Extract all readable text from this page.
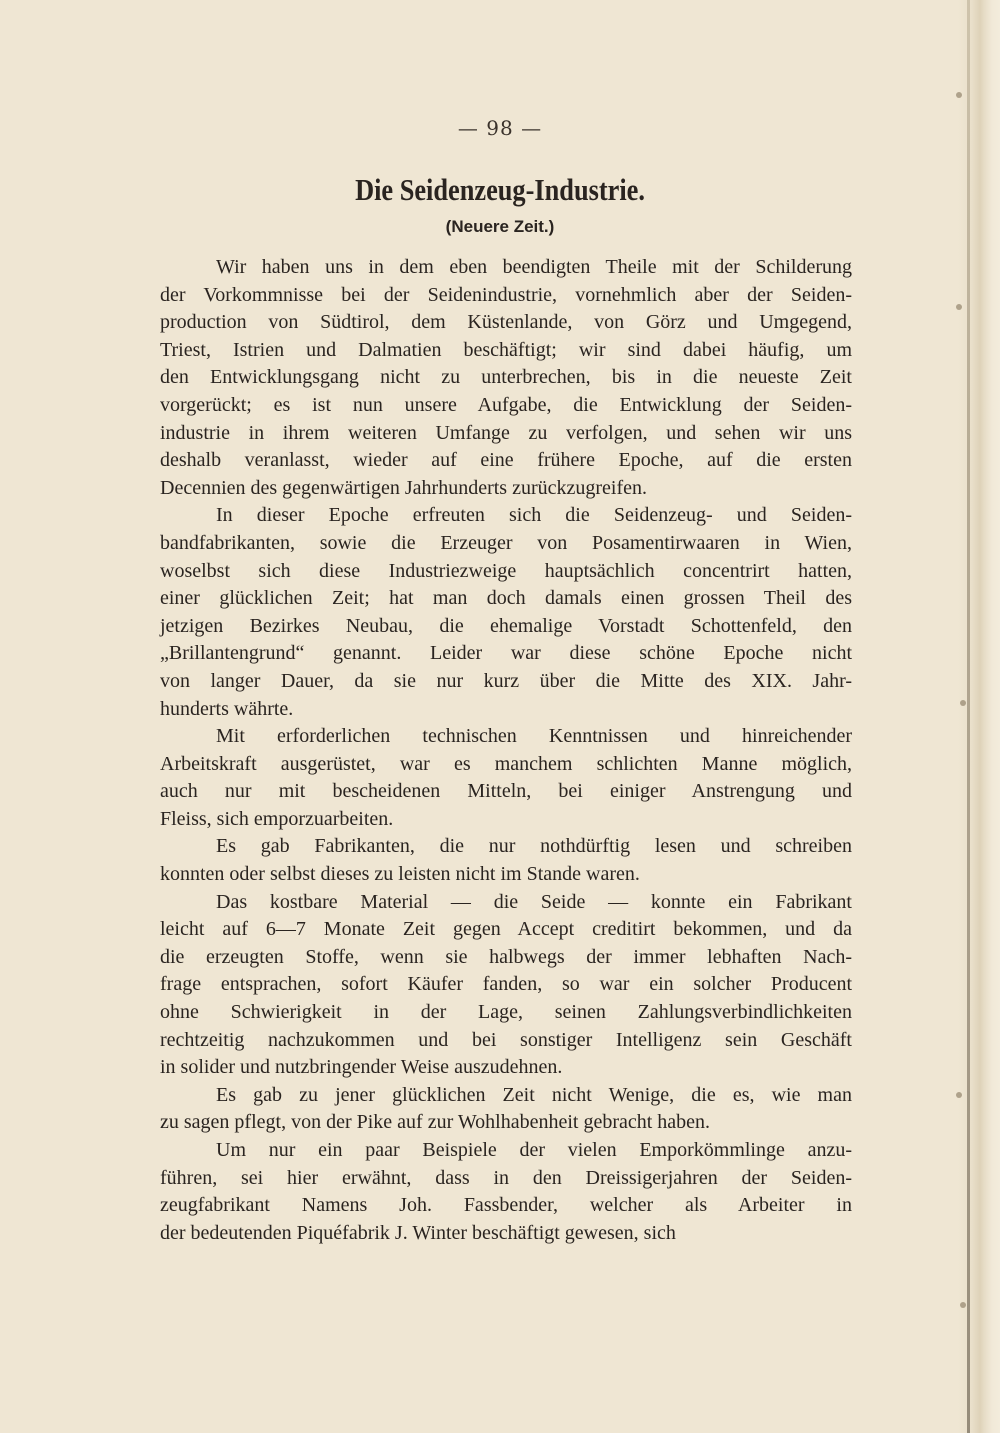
— 98 —
Die Seidenzeug-Industrie.
(Neuere Zeit.)
Wir haben uns in dem eben beendigten Theile mit der Schilderung
der Vorkommnisse bei der Seidenindustrie, vornehmlich aber der Seiden-
production von Südtirol, dem Küstenlande, von Görz und Umgegend,
Triest, Istrien und Dalmatien beschäftigt; wir sind dabei häufig, um
den Entwicklungsgang nicht zu unterbrechen, bis in die neueste Zeit
vorgerückt; es ist nun unsere Aufgabe, die Entwicklung der Seiden-
industrie in ihrem weiteren Umfange zu verfolgen, und sehen wir uns
deshalb veranlasst, wieder auf eine frühere Epoche, auf die ersten
Decennien des gegenwärtigen Jahrhunderts zurückzugreifen.
In dieser Epoche erfreuten sich die Seidenzeug- und Seiden-
bandfabrikanten, sowie die Erzeuger von Posamentirwaaren in Wien,
woselbst sich diese Industriezweige hauptsächlich concentrirt hatten,
einer glücklichen Zeit; hat man doch damals einen grossen Theil des
jetzigen Bezirkes Neubau, die ehemalige Vorstadt Schottenfeld, den
„Brillantengrund“ genannt. Leider war diese schöne Epoche nicht
von langer Dauer, da sie nur kurz über die Mitte des XIX. Jahr-
hunderts währte.
Mit erforderlichen technischen Kenntnissen und hinreichender
Arbeitskraft ausgerüstet, war es manchem schlichten Manne möglich,
auch nur mit bescheidenen Mitteln, bei einiger Anstrengung und
Fleiss, sich emporzuarbeiten.
Es gab Fabrikanten, die nur nothdürftig lesen und schreiben
konnten oder selbst dieses zu leisten nicht im Stande waren.
Das kostbare Material — die Seide — konnte ein Fabrikant
leicht auf 6—7 Monate Zeit gegen Accept creditirt bekommen, und da
die erzeugten Stoffe, wenn sie halbwegs der immer lebhaften Nach-
frage entsprachen, sofort Käufer fanden, so war ein solcher Producent
ohne Schwierigkeit in der Lage, seinen Zahlungsverbindlichkeiten
rechtzeitig nachzukommen und bei sonstiger Intelligenz sein Geschäft
in solider und nutzbringender Weise auszudehnen.
Es gab zu jener glücklichen Zeit nicht Wenige, die es, wie man
zu sagen pflegt, von der Pike auf zur Wohlhabenheit gebracht haben.
Um nur ein paar Beispiele der vielen Emporkömmlinge anzu-
führen, sei hier erwähnt, dass in den Dreissigerjahren der Seiden-
zeugfabrikant Namens Joh. Fassbender, welcher als Arbeiter in
der bedeutenden Piquéfabrik J. Winter beschäftigt gewesen, sich
